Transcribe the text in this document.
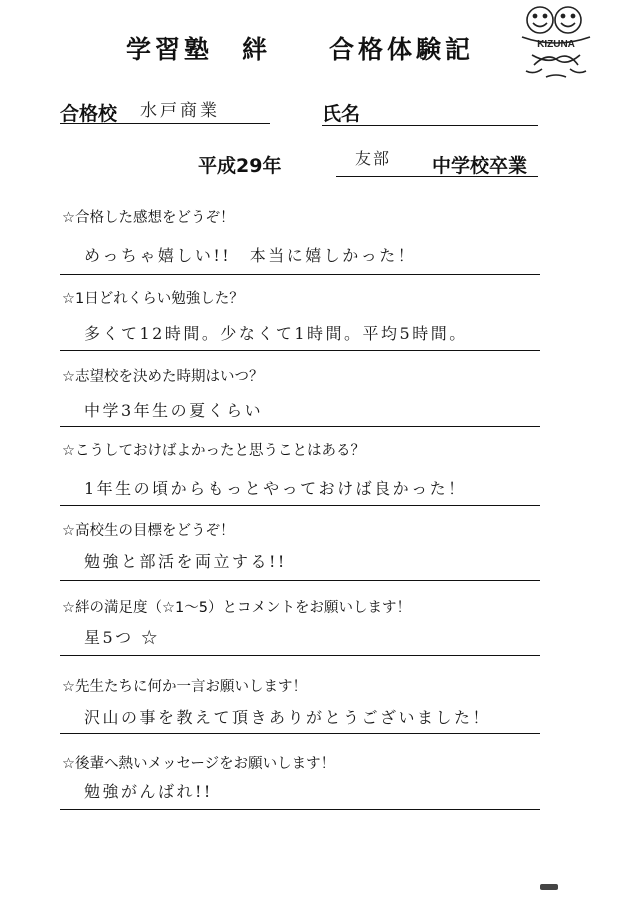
学習塾　絆　　合格体験記	KIZUNA
合格校 水戸商業	氏名
平成29年	友部 中学校卒業
☆合格した感想をどうぞ！
めっちゃ嬉しい!!　本当に嬉しかった！
☆1日どれくらい勉強した？
多くて12時間。少なくて1時間。平均5時間。
☆志望校を決めた時期はいつ？
中学3年生の夏くらい
☆こうしておけばよかったと思うことはある？
1年生の頃からもっとやっておけば良かった！
☆高校生の目標をどうぞ！
勉強と部活を両立する!!
☆絆の満足度（☆1～5）とコメントをお願いします！
星5つ ☆
☆先生たちに何か一言お願いします！
沢山の事を教えて頂きありがとうございました！
☆後輩へ熱いメッセージをお願いします！
勉強がんばれ!!
